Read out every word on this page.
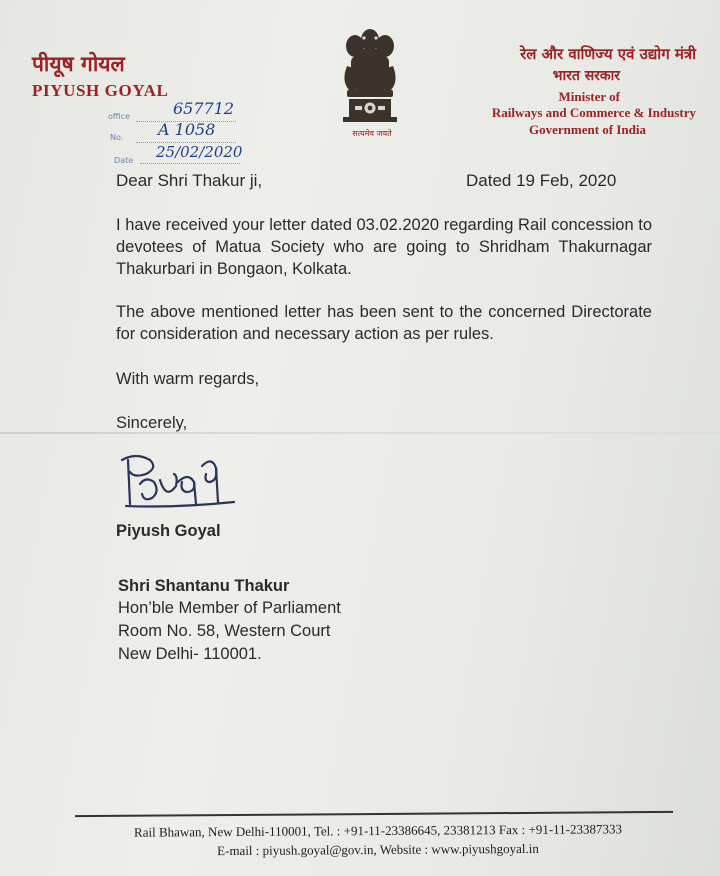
पीयूष गोयल
PIYUSH GOYAL
office	657712
No. A 1058
Date 25/02/2020
सत्यमेव जयते
रेल और वाणिज्य एवं उद्योग मंत्री
भारत सरकार
Minister of
Railways and Commerce & Industry
Government of India
Dear Shri Thakur ji,	Dated 19 Feb, 2020
I have received your letter dated 03.02.2020 regarding Rail concession to devotees of Matua Society who are going to Shridham Thakurnagar Thakurbari in Bongaon, Kolkata.
The above mentioned letter has been sent to the concerned Directorate for consideration and necessary action as per rules.
With warm regards,
Sincerely,
Piyush Goyal
Shri Shantanu Thakur
Hon’ble Member of Parliament
Room No. 58, Western Court
New Delhi- 110001.
Rail Bhawan, New Delhi-110001, Tel. : +91-11-23386645, 23381213 Fax : +91-11-23387333
E-mail : piyush.goyal@gov.in, Website : www.piyushgoyal.in
